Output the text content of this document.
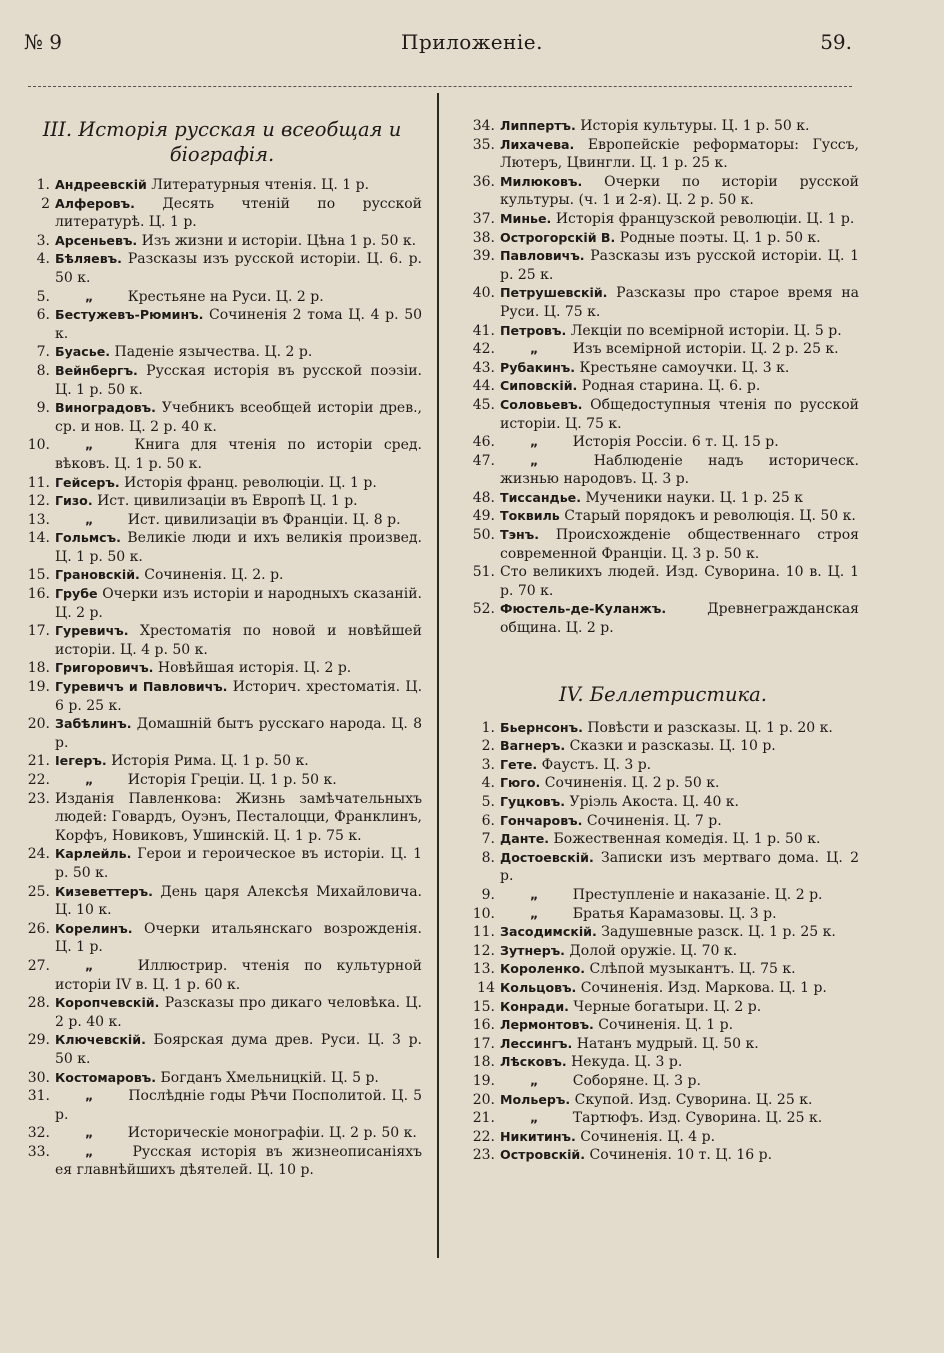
№ 9	Приложеніе.	59.
III. Исторія русская и всеобщая и біографія.
1. Андреевскій Литературныя чтенія. Ц. 1 р.
2 Алферовъ. Десять чтеній по русской литературѣ. Ц. 1 р.
3. Арсеньевъ. Изъ жизни и исторіи. Цѣна 1 р. 50 к.
4. Бѣляевъ. Разсказы изъ русской исторіи. Ц. 6. р. 50 к.
5.	„ Крестьяне на Руси. Ц. 2 р.
6. Бестужевъ-Рюминъ. Сочиненія 2 тома Ц. 4 р. 50 к.
7. Буасье. Паденіе язычества. Ц. 2 р.
8. Вейнбергъ. Русская исторія въ русской поэзіи. Ц. 1 р. 50 к.
9. Виноградовъ. Учебникъ всеобщей исторіи древ., ср. и нов. Ц. 2 р. 40 к.
10.	„	Книга для чтенія по исторіи сред. вѣковъ. Ц. 1 р. 50 к.
11. Гейсеръ. Исторія франц. революціи. Ц. 1 р.
12. Гизо. Ист. цивилизаціи въ Европѣ Ц. 1 р.
13.	„ Ист. цивилизаціи въ Франціи. Ц. 8 р.
14. Гольмсъ. Великіе люди и ихъ великія произвед. Ц. 1 р. 50 к.
15. Грановскій. Сочиненія. Ц. 2. р.
16. Грубе Очерки изъ исторіи и народныхъ сказаній. Ц. 2 р.
17. Гуревичъ. Хрестоматія по новой и новѣйшей исторіи. Ц. 4 р. 50 к.
18. Григоровичъ. Новѣйшая исторія. Ц. 2 р.
19. Гуревичъ и Павловичъ. Историч. хрестоматія. Ц. 6 р. 25 к.
20. Забѣлинъ. Домашній бытъ русскаго народа. Ц. 8 р.
21. Іегеръ. Исторія Рима. Ц. 1 р. 50 к.
22.	„ Исторія Греціи. Ц. 1 р. 50 к.
23. Изданія Павленкова: Жизнь замѣчательныхъ людей: Говардъ, Оуэнъ, Песталоцци, Франклинъ, Корфъ, Новиковъ, Ушинскій. Ц. 1 р. 75 к.
24. Карлейль. Герои и героическое въ исторіи. Ц. 1 р. 50 к.
25. Кизеветтеръ. День царя Алексѣя Михайловича. Ц. 10 к.
26. Корелинъ. Очерки итальянскаго возрожденія. Ц. 1 р.
27.	„	Иллюстрир. чтенія по культурной исторіи IV в. Ц. 1 р. 60 к.
28. Коропчевскій. Разсказы про дикаго человѣка. Ц. 2 р. 40 к.
29. Ключевскій. Боярская дума древ. Руси. Ц. 3 р. 50 к.
30. Костомаровъ. Богданъ Хмельницкій. Ц. 5 р.
31.	„	Послѣдніе годы Рѣчи Посполитой. Ц. 5 р.
32.	„ Историческіе монографіи. Ц. 2 р. 50 к.
33.	„	Русская исторія въ жизнеописаніяхъ ея главнѣйшихъ дѣятелей. Ц. 10 р.
34. Липпертъ. Исторія культуры. Ц. 1 р. 50 к.
35. Лихачева. Европейскіе реформаторы: Гуссъ, Лютеръ, Цвингли. Ц. 1 р. 25 к.
36. Милюковъ. Очерки по исторіи русской культуры. (ч. 1 и 2-я). Ц. 2 р. 50 к.
37. Минье. Исторія французской революціи. Ц. 1 р.
38. Острогорскій В. Родные поэты. Ц. 1 р. 50 к.
39. Павловичъ. Разсказы изъ русской исторіи. Ц. 1 р. 25 к.
40. Петрушевскій. Разсказы про старое время на Руси. Ц. 75 к.
41. Петровъ. Лекціи по всемірной исторіи. Ц. 5 р.
42.	„ Изъ всемірной исторіи. Ц. 2 р. 25 к.
43. Рубакинъ. Крестьяне самоучки. Ц. 3 к.
44. Сиповскій. Родная старина. Ц. 6. р.
45. Соловьевъ. Общедоступныя чтенія по русской исторіи. Ц. 75 к.
46.	„ Исторія Россіи. 6 т. Ц. 15 р.
47.	„	Наблюденіе надъ историческ. жизнью народовъ. Ц. 3 р.
48. Тиссандье. Мученики науки. Ц. 1 р. 25 к
49. Токвиль Старый порядокъ и революція. Ц. 50 к.
50. Тэнъ. Происхожденіе общественнаго строя современной Франціи. Ц. 3 р. 50 к.
51. Сто великихъ людей. Изд. Суворина. 10 в. Ц. 1 р. 70 к.
52. Фюстель-де-Куланжъ.	Древнегражданская община. Ц. 2 р.
IV. Беллетристика.
1. Бьернсонъ. Повѣсти и разсказы. Ц. 1 р. 20 к.
2. Вагнеръ. Сказки и разсказы. Ц. 10 р.
3. Гете. Фаустъ. Ц. 3 р.
4. Гюго. Сочиненія. Ц. 2 р. 50 к.
5. Гуцковъ. Уріэль Акоста. Ц. 40 к.
6. Гончаровъ. Сочиненія. Ц. 7 р.
7. Данте. Божественная комедія. Ц. 1 р. 50 к.
8. Достоевскій. Записки изъ мертваго дома. Ц. 2 р.
9.	„ Преступленіе и наказаніе. Ц. 2 р.
10.	„ Братья Карамазовы. Ц. 3 р.
11. Засодимскій. Задушевные разск. Ц. 1 р. 25 к.
12. Зутнеръ. Долой оружіе. Ц. 70 к.
13. Короленко. Слѣпой музыкантъ. Ц. 75 к.
14 Кольцовъ. Сочиненія. Изд. Маркова. Ц. 1 р.
15. Конради. Черные богатыри. Ц. 2 р.
16. Лермонтовъ. Сочиненія. Ц. 1 р.
17. Лессингъ. Натанъ мудрый. Ц. 50 к.
18. Лѣсковъ. Некуда. Ц. 3 р.
19.	„ Соборяне. Ц. 3 р.
20. Мольеръ. Скупой. Изд. Суворина. Ц. 25 к.
21.	„ Тартюфъ. Изд. Суворина. Ц. 25 к.
22. Никитинъ. Сочиненія. Ц. 4 р.
23. Островскій. Сочиненія. 10 т. Ц. 16 р.
